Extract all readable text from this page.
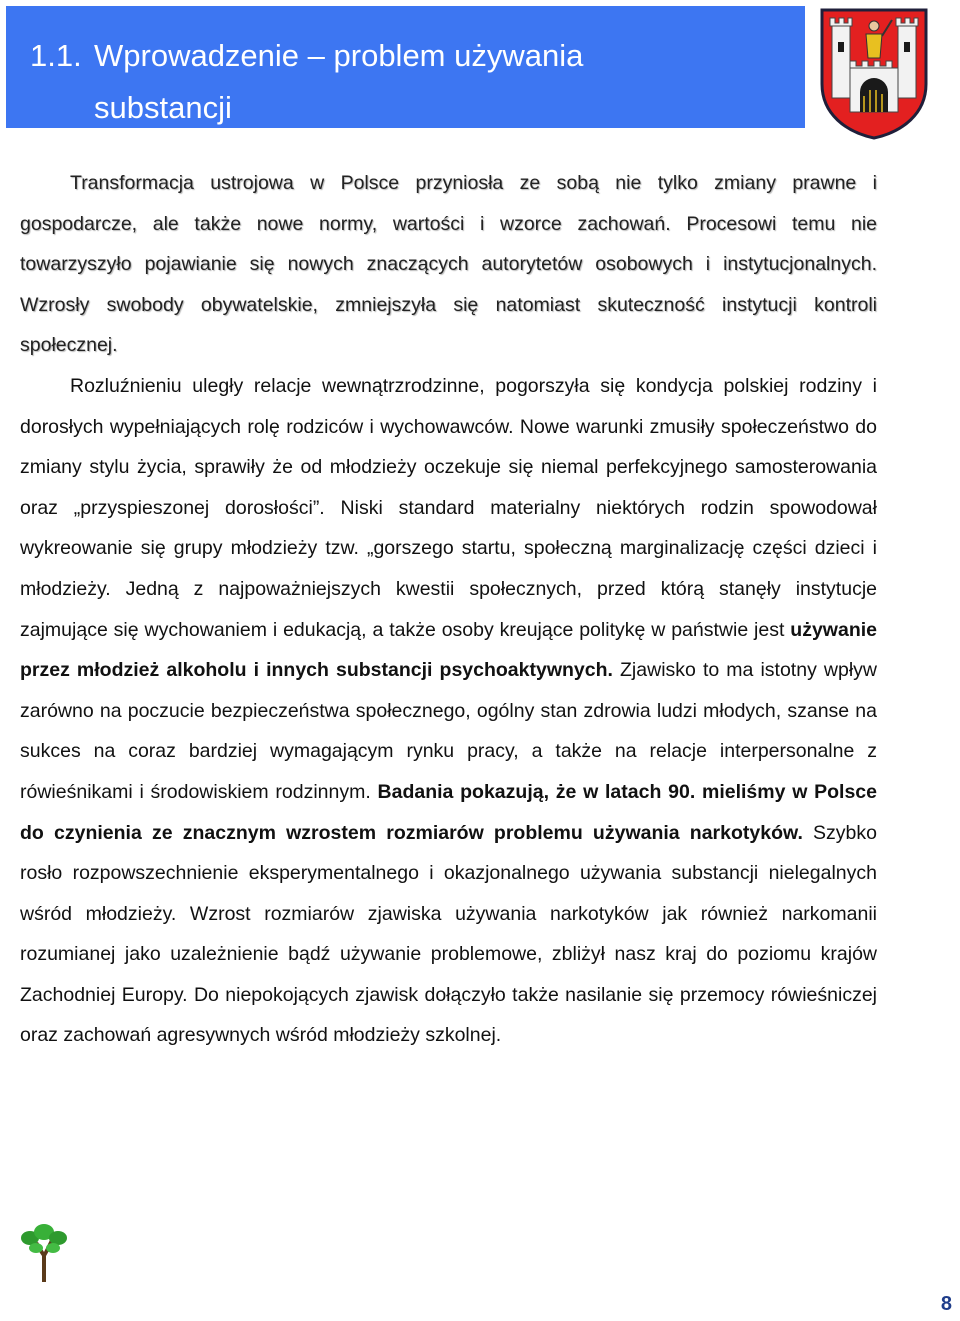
1.1. Wprowadzenie – problem używania
substancji

Transformacja ustrojowa w Polsce przyniosła ze sobą nie tylko zmiany prawne i gospodarcze, ale także nowe normy, wartości i wzorce zachowań. Procesowi temu nie towarzyszyło pojawianie się nowych znaczących autorytetów osobowych i instytucjonalnych. Wzrosły swobody obywatelskie, zmniejszyła się natomiast skuteczność instytucji kontroli społecznej.

Rozluźnieniu uległy relacje wewnątrzrodzinne, pogorszyła się kondycja polskiej rodziny i dorosłych wypełniających rolę rodziców i wychowawców. Nowe warunki zmusiły społeczeństwo do zmiany stylu życia, sprawiły że od młodzieży oczekuje się niemal perfekcyjnego samosterowania oraz „przyspieszonej dorosłości”. Niski standard materialny niektórych rodzin spowodował wykreowanie się grupy młodzieży tzw. „gorszego startu, społeczną marginalizację części dzieci i młodzieży. Jedną z najpoważniejszych kwestii społecznych, przed którą stanęły instytucje zajmujące się wychowaniem i edukacją, a także osoby kreujące politykę w państwie jest używanie przez młodzież alkoholu i innych substancji psychoaktywnych. Zjawisko to ma istotny wpływ zarówno na poczucie bezpieczeństwa społecznego, ogólny stan zdrowia ludzi młodych, szanse na sukces na coraz bardziej wymagającym rynku pracy, a także na relacje interpersonalne z rówieśnikami i środowiskiem rodzinnym. Badania pokazują, że w latach 90. mieliśmy w Polsce do czynienia ze znacznym wzrostem rozmiarów problemu używania narkotyków. Szybko rosło rozpowszechnienie eksperymentalnego i okazjonalnego używania substancji nielegalnych wśród młodzieży. Wzrost rozmiarów zjawiska używania narkotyków jak również narkomanii rozumianej jako uzależnienie bądź używanie problemowe, zbliżył nasz kraj do poziomu krajów Zachodniej Europy. Do niepokojących zjawisk dołączyło także nasilanie się przemocy rówieśniczej oraz zachowań agresywnych wśród młodzieży szkolnej.

8
